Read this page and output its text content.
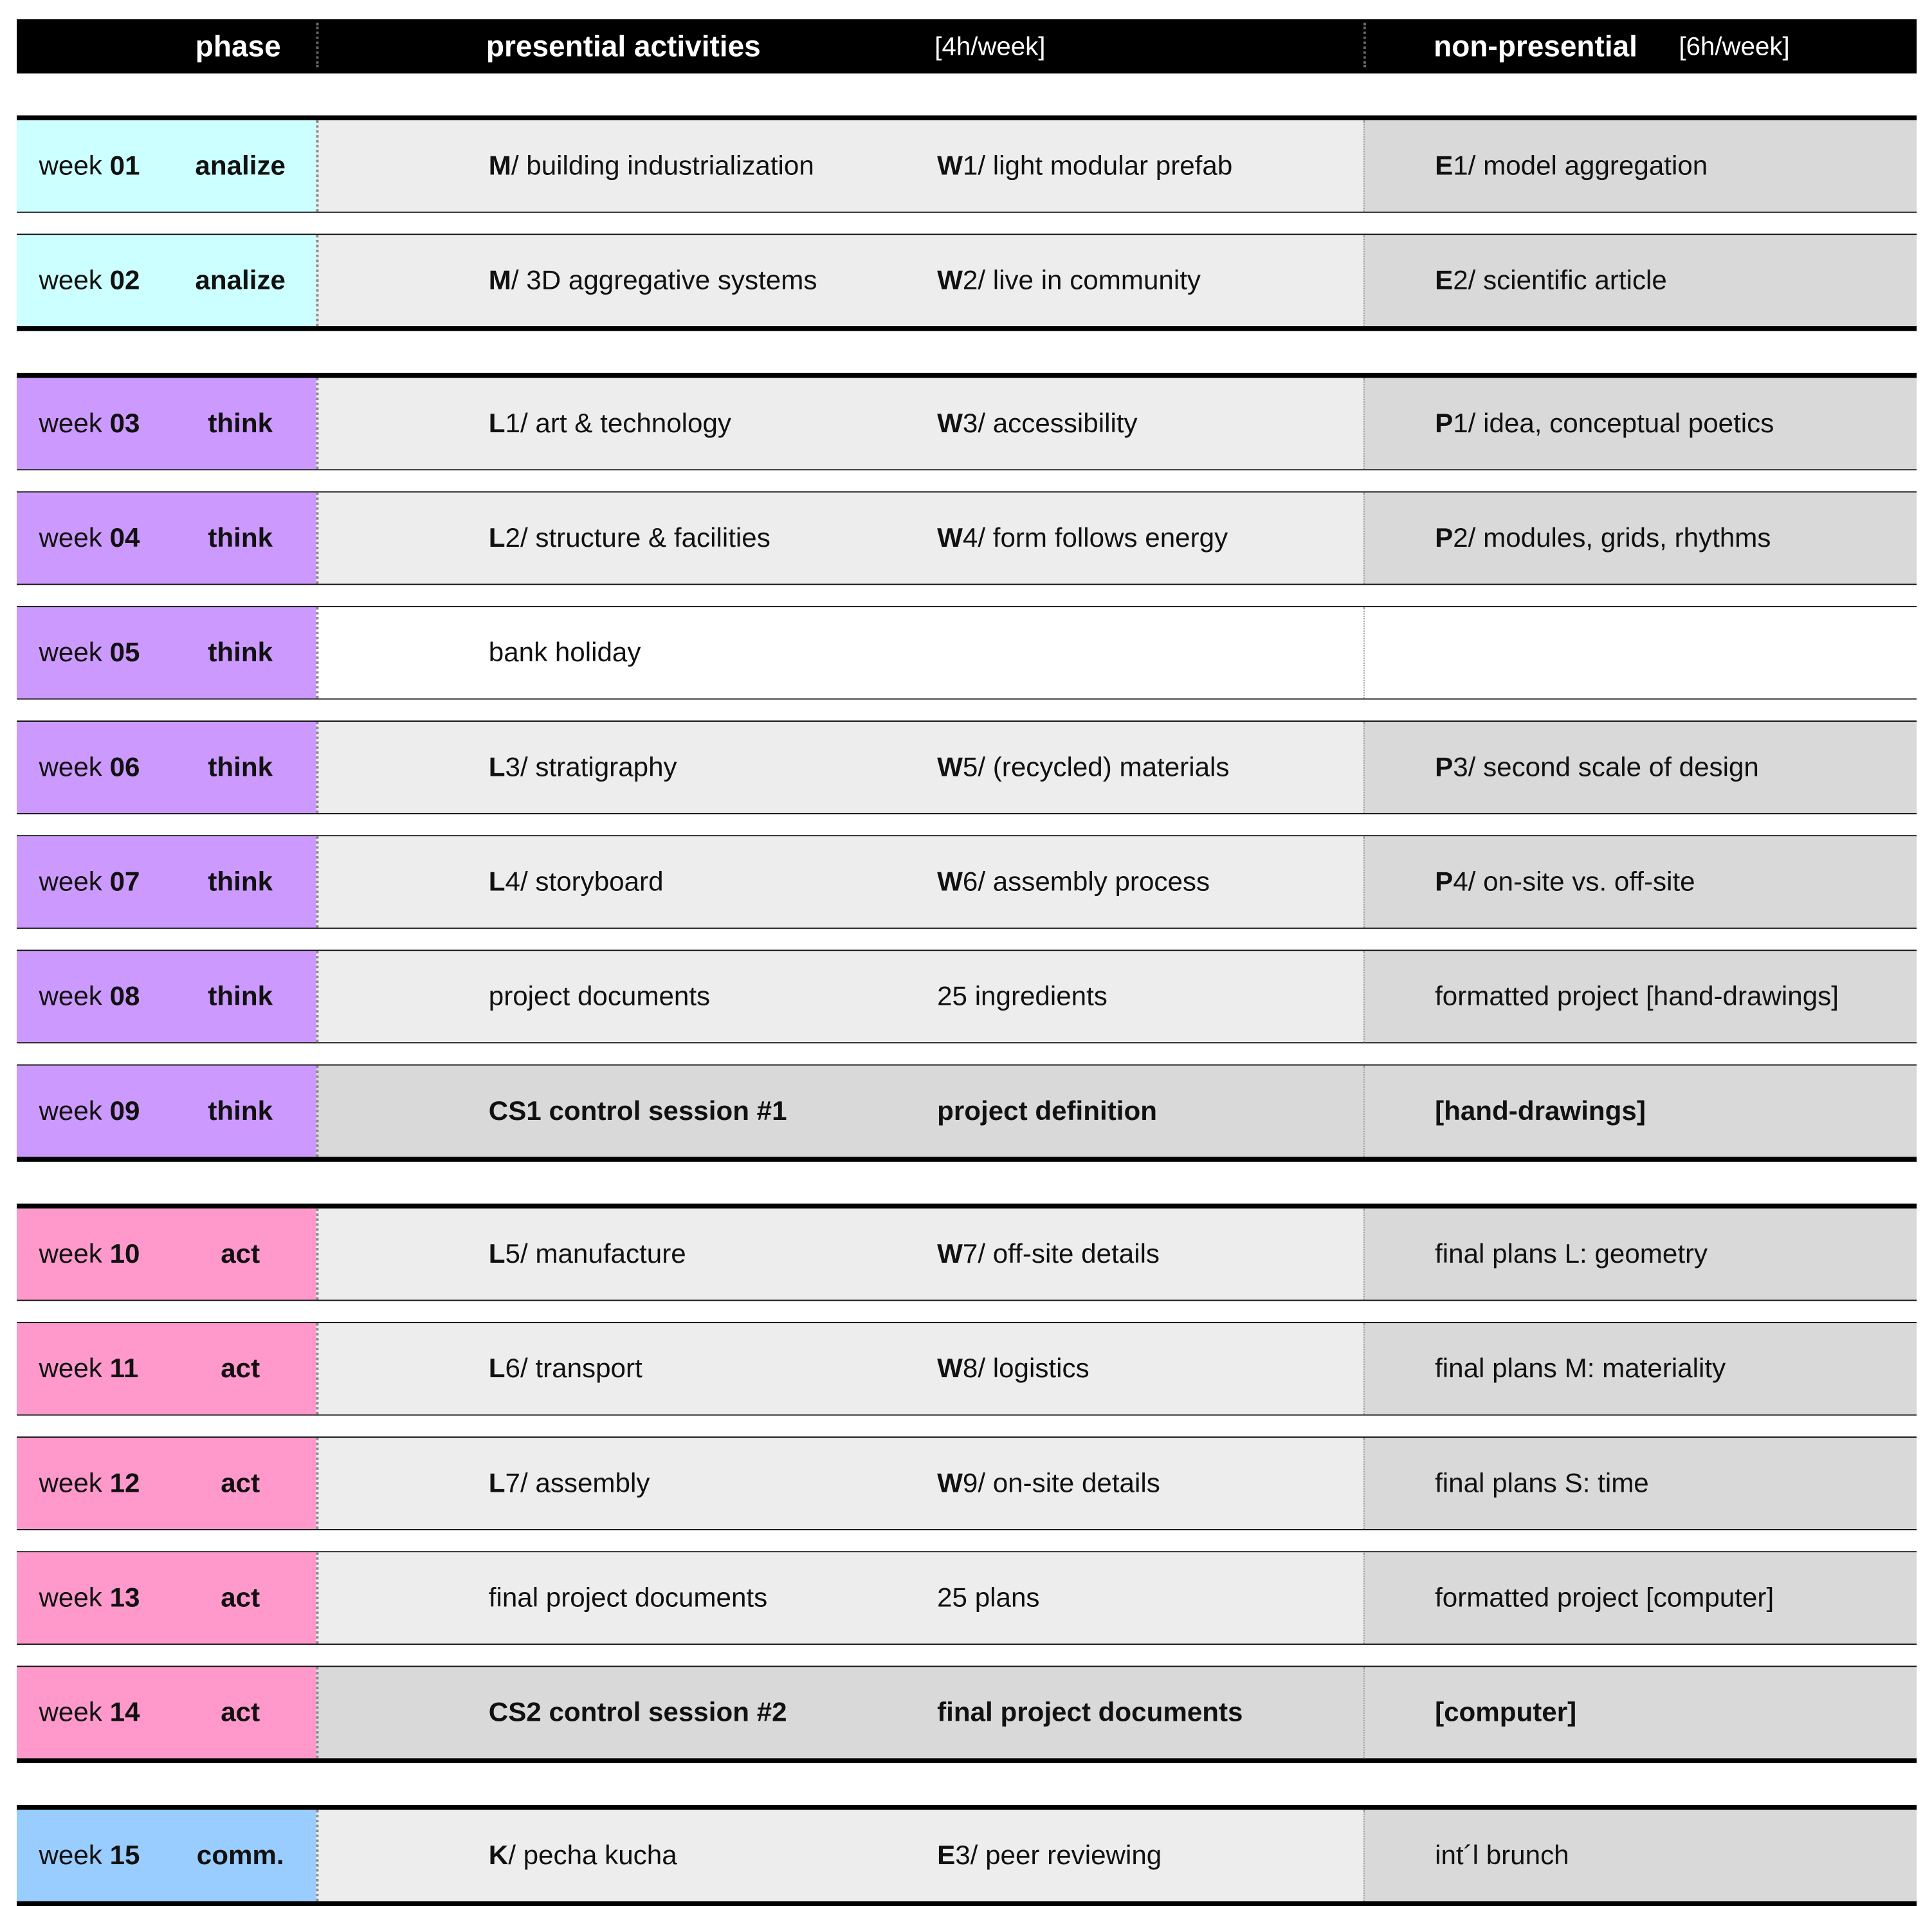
phase	presential activities	[4h/week]	non-presential	[6h/week]
week 01	analize	M/ building industrialization	W1/ light modular prefab	E1/ model aggregation
week 02	analize	M/ 3D aggregative systems	W2/ live in community	E2/ scientific article
week 03	think	L1/ art & technology	W3/ accessibility	P1/ idea, conceptual poetics
week 04	think	L2/ structure & facilities	W4/ form follows energy	P2/ modules, grids, rhythms
week 05	think	bank holiday
week 06	think	L3/ stratigraphy	W5/ (recycled) materials	P3/ second scale of design
week 07	think	L4/ storyboard	W6/ assembly process	P4/ on-site vs. off-site
week 08	think	project documents	25 ingredients	formatted project [hand-drawings]
week 09	think	CS1 control session #1	project definition	[hand-drawings]
week 10	act	L5/ manufacture	W7/ off-site details	final plans L: geometry
week 11	act	L6/ transport	W8/ logistics	final plans M: materiality
week 12	act	L7/ assembly	W9/ on-site details	final plans S: time
week 13	act	final project documents	25 plans	formatted project [computer]
week 14	act	CS2 control session #2	final project documents	[computer]
week 15	comm.	K/ pecha kucha	E3/ peer reviewing	int´l brunch
